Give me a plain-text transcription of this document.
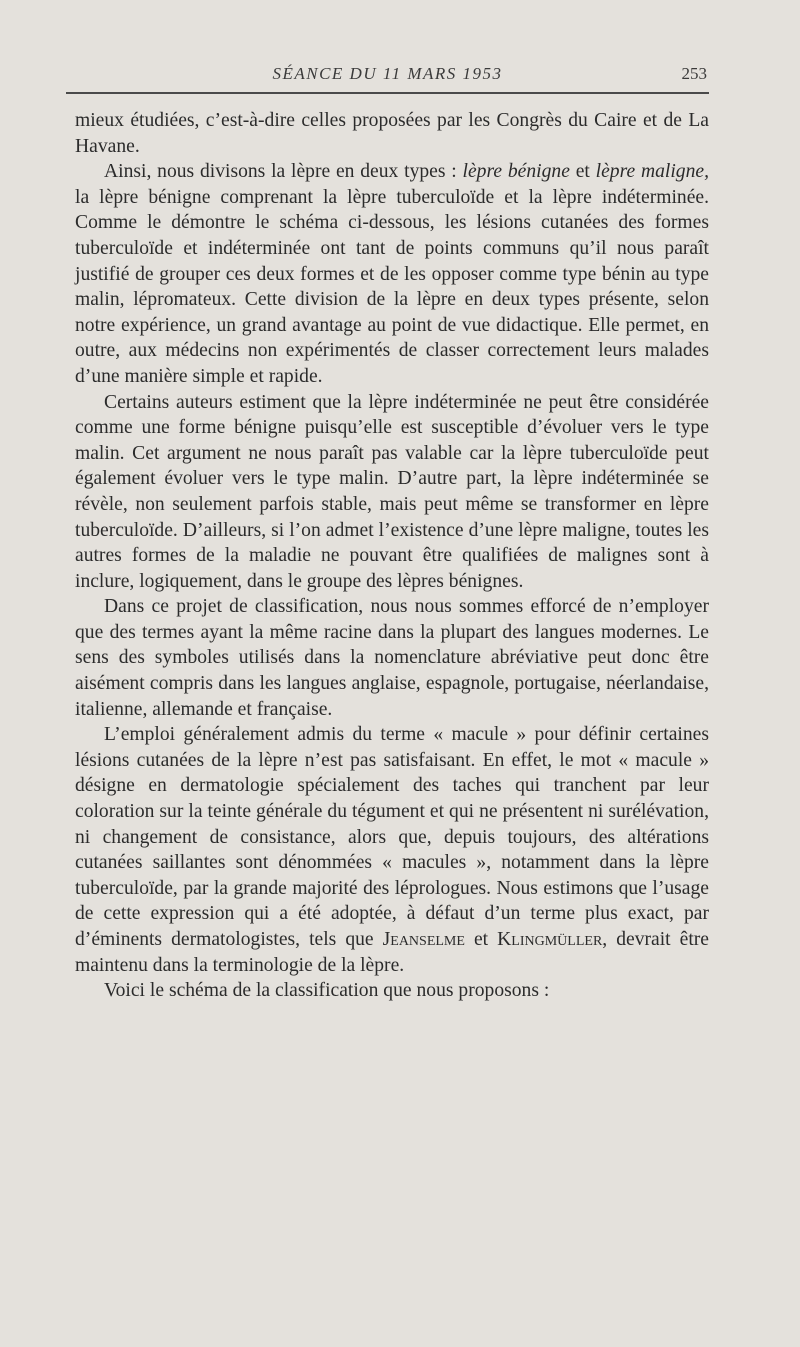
SÉANCE DU 11 MARS 1953	253

mieux étudiées, c’est-à-dire celles proposées par les Congrès du Caire et de La Havane.

Ainsi, nous divisons la lèpre en deux types : lèpre bénigne et lèpre maligne, la lèpre bénigne comprenant la lèpre tuberculoïde et la lèpre indéterminée. Comme le démontre le schéma ci-dessous, les lésions cutanées des formes tuberculoïde et indéterminée ont tant de points communs qu’il nous paraît justifié de grouper ces deux formes et de les opposer comme type bénin au type malin, lépromateux. Cette division de la lèpre en deux types présente, selon notre expérience, un grand avantage au point de vue didactique. Elle permet, en outre, aux médecins non expérimentés de classer correctement leurs malades d’une manière simple et rapide.

Certains auteurs estiment que la lèpre indéterminée ne peut être considérée comme une forme bénigne puisqu’elle est susceptible d’évoluer vers le type malin. Cet argument ne nous paraît pas valable car la lèpre tuberculoïde peut également évoluer vers le type malin. D’autre part, la lèpre indéterminée se révèle, non seulement parfois stable, mais peut même se transformer en lèpre tuberculoïde. D’ailleurs, si l’on admet l’existence d’une lèpre maligne, toutes les autres formes de la maladie ne pouvant être qualifiées de malignes sont à inclure, logiquement, dans le groupe des lèpres bénignes.

Dans ce projet de classification, nous nous sommes efforcé de n’employer que des termes ayant la même racine dans la plupart des langues modernes. Le sens des symboles utilisés dans la nomenclature abréviative peut donc être aisément compris dans les langues anglaise, espagnole, portugaise, néerlandaise, italienne, allemande et française.

L’emploi généralement admis du terme « macule » pour définir certaines lésions cutanées de la lèpre n’est pas satisfaisant. En effet, le mot « macule » désigne en dermatologie spécialement des taches qui tranchent par leur coloration sur la teinte générale du tégument et qui ne présentent ni surélévation, ni changement de consistance, alors que, depuis toujours, des altérations cutanées saillantes sont dénommées « macules », notamment dans la lèpre tuberculoïde, par la grande majorité des léprologues. Nous estimons que l’usage de cette expression qui a été adoptée, à défaut d’un terme plus exact, par d’éminents dermatologistes, tels que Jeanselme et Klingmüller, devrait être maintenu dans la terminologie de la lèpre.

Voici le schéma de la classification que nous proposons :
